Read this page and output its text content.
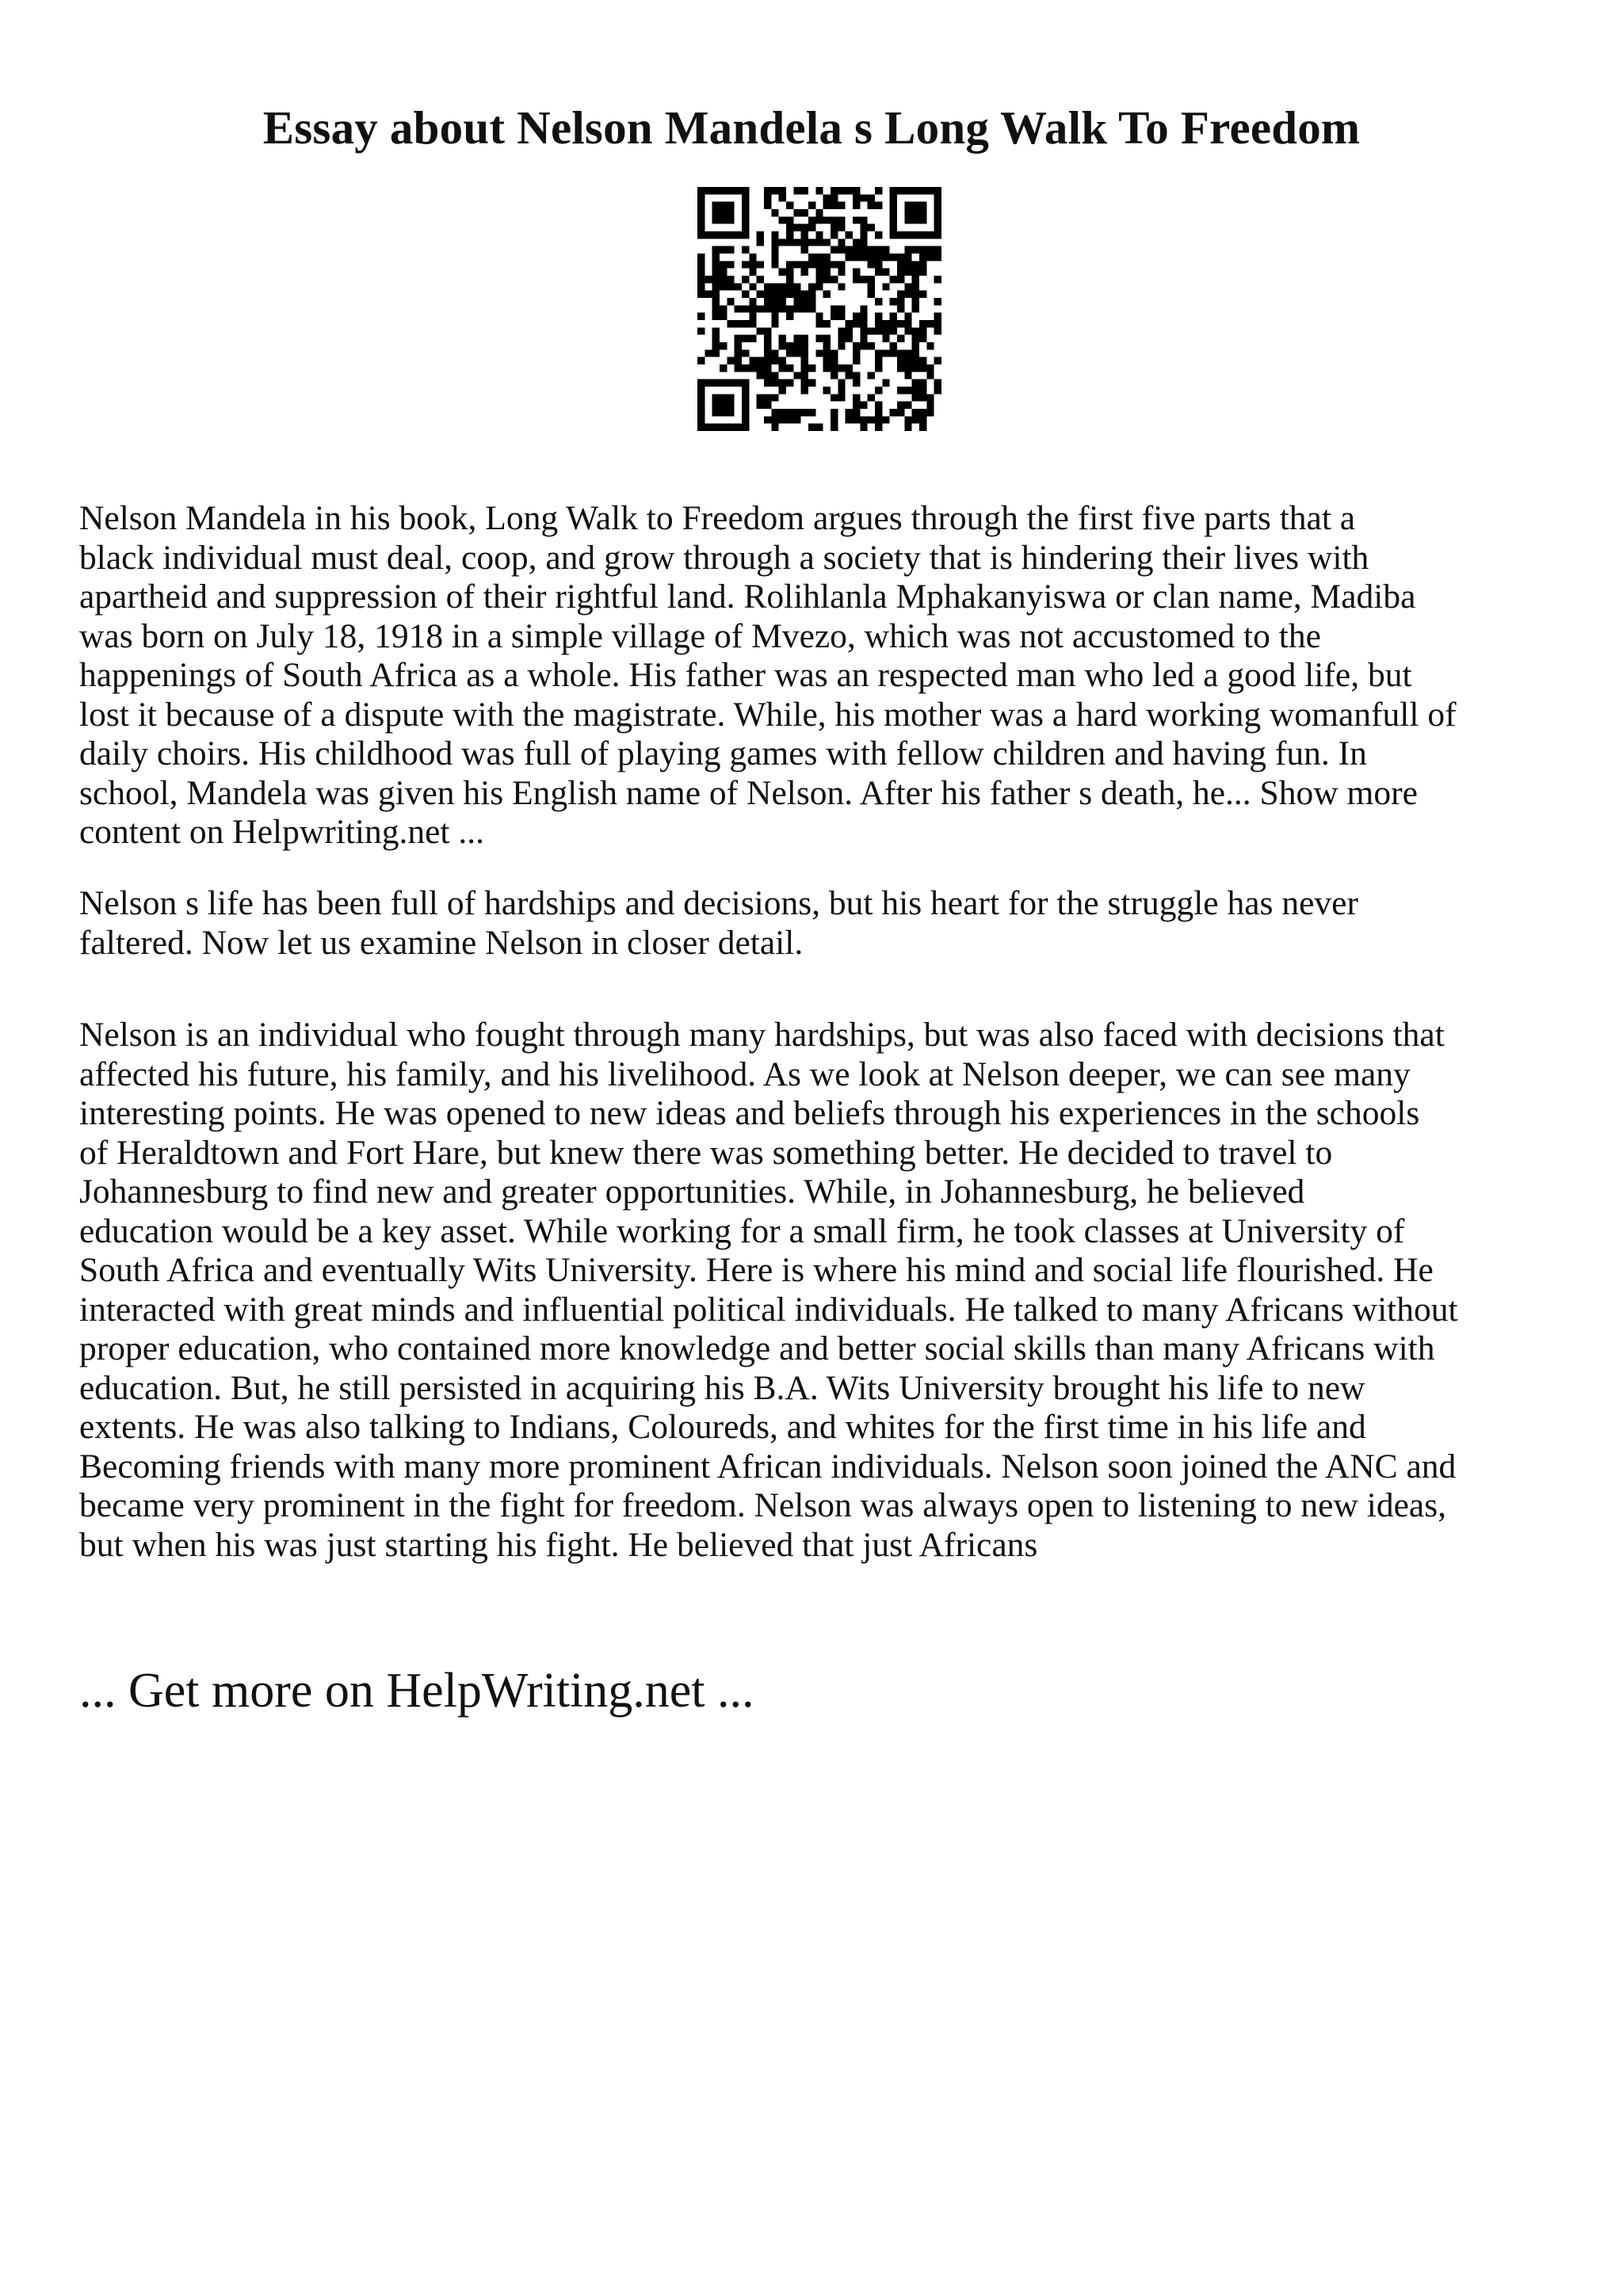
Essay about Nelson Mandela s Long Walk To Freedom

Nelson Mandela in his book, Long Walk to Freedom argues through the first five parts that a
black individual must deal, coop, and grow through a society that is hindering their lives with
apartheid and suppression of their rightful land. Rolihlanla Mphakanyiswa or clan name, Madiba
was born on July 18, 1918 in a simple village of Mvezo, which was not accustomed to the
happenings of South Africa as a whole. His father was an respected man who led a good life, but
lost it because of a dispute with the magistrate. While, his mother was a hard working womanfull of
daily choirs. His childhood was full of playing games with fellow children and having fun. In
school, Mandela was given his English name of Nelson. After his father s death, he... Show more
content on Helpwriting.net ...

Nelson s life has been full of hardships and decisions, but his heart for the struggle has never
faltered. Now let us examine Nelson in closer detail.

Nelson is an individual who fought through many hardships, but was also faced with decisions that
affected his future, his family, and his livelihood. As we look at Nelson deeper, we can see many
interesting points. He was opened to new ideas and beliefs through his experiences in the schools
of Heraldtown and Fort Hare, but knew there was something better. He decided to travel to
Johannesburg to find new and greater opportunities. While, in Johannesburg, he believed
education would be a key asset. While working for a small firm, he took classes at University of
South Africa and eventually Wits University. Here is where his mind and social life flourished. He
interacted with great minds and influential political individuals. He talked to many Africans without
proper education, who contained more knowledge and better social skills than many Africans with
education. But, he still persisted in acquiring his B.A. Wits University brought his life to new
extents. He was also talking to Indians, Coloureds, and whites for the first time in his life and
Becoming friends with many more prominent African individuals. Nelson soon joined the ANC and
became very prominent in the fight for freedom. Nelson was always open to listening to new ideas,
but when his was just starting his fight. He believed that just Africans

... Get more on HelpWriting.net ...
